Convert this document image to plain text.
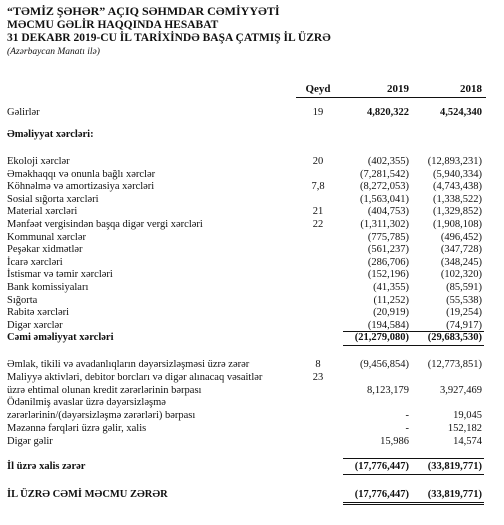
“TƏMİZ ŞƏHƏR” AÇIQ SƏHMDAR CƏMİYYƏTİ
MƏCMU GƏLİR HAQQINDA HESABAT
31 DEKABR 2019-CU İL TARİXİNDƏ BAŞA ÇATMIŞ İL ÜZRƏ
(Azərbaycan Manatı ilə)
Qeyd	2019	2018
Gəlirlər	19	4,820,322	4,524,340
Əməliyyat xərcləri:
Ekoloji xərclər	20	(402,355)	(12,893,231)
Əməkhaqqı və onunla bağlı xərclər	(7,281,542)	(5,940,334)
Köhnəlmə və amortizasiya xərcləri	7,8	(8,272,053)	(4,743,438)
Sosial sığorta xərcləri	(1,563,041)	(1,338,522)
Material xərcləri	21	(404,753)	(1,329,852)
Mənfəət vergisindən başqa digər vergi xərcləri	22	(1,311,302)	(1,908,108)
Kommunal xərclər	(775,785)	(496,452)
Peşəkar xidmətlər	(561,237)	(347,728)
İcarə xərcləri	(286,706)	(348,245)
İstismar və təmir xərcləri	(152,196)	(102,320)
Bank komissiyaları	(41,355)	(85,591)
Sığorta	(11,252)	(55,538)
Rabitə xərcləri	(20,919)	(19,254)
Digər xərclər	(194,584)	(74,917)
Cəmi əməliyyat xərcləri	(21,279,080)	(29,683,530)
Əmlak, tikili və avadanlıqların dəyərsizləşməsi üzrə zərər	8	(9,456,854)	(12,773,851)
Maliyyə aktivləri, debitor borcları və digər alınacaq vəsaitlər	23
üzrə ehtimal olunan kredit zərərlərinin bərpası	8,123,179	3,927,469
Ödənilmiş avaslar üzrə dəyərsizləşmə
zərərlərinin/(dəyərsizləşmə zərərləri) bərpası	-	19,045
Məzənnə fərqləri üzrə gəlir, xalis	-	152,182
Digər gəlir	15,986	14,574
İl üzrə xalis zərər	(17,776,447)	(33,819,771)
İL ÜZRƏ CƏMİ MƏCMU ZƏRƏR	(17,776,447)	(33,819,771)
